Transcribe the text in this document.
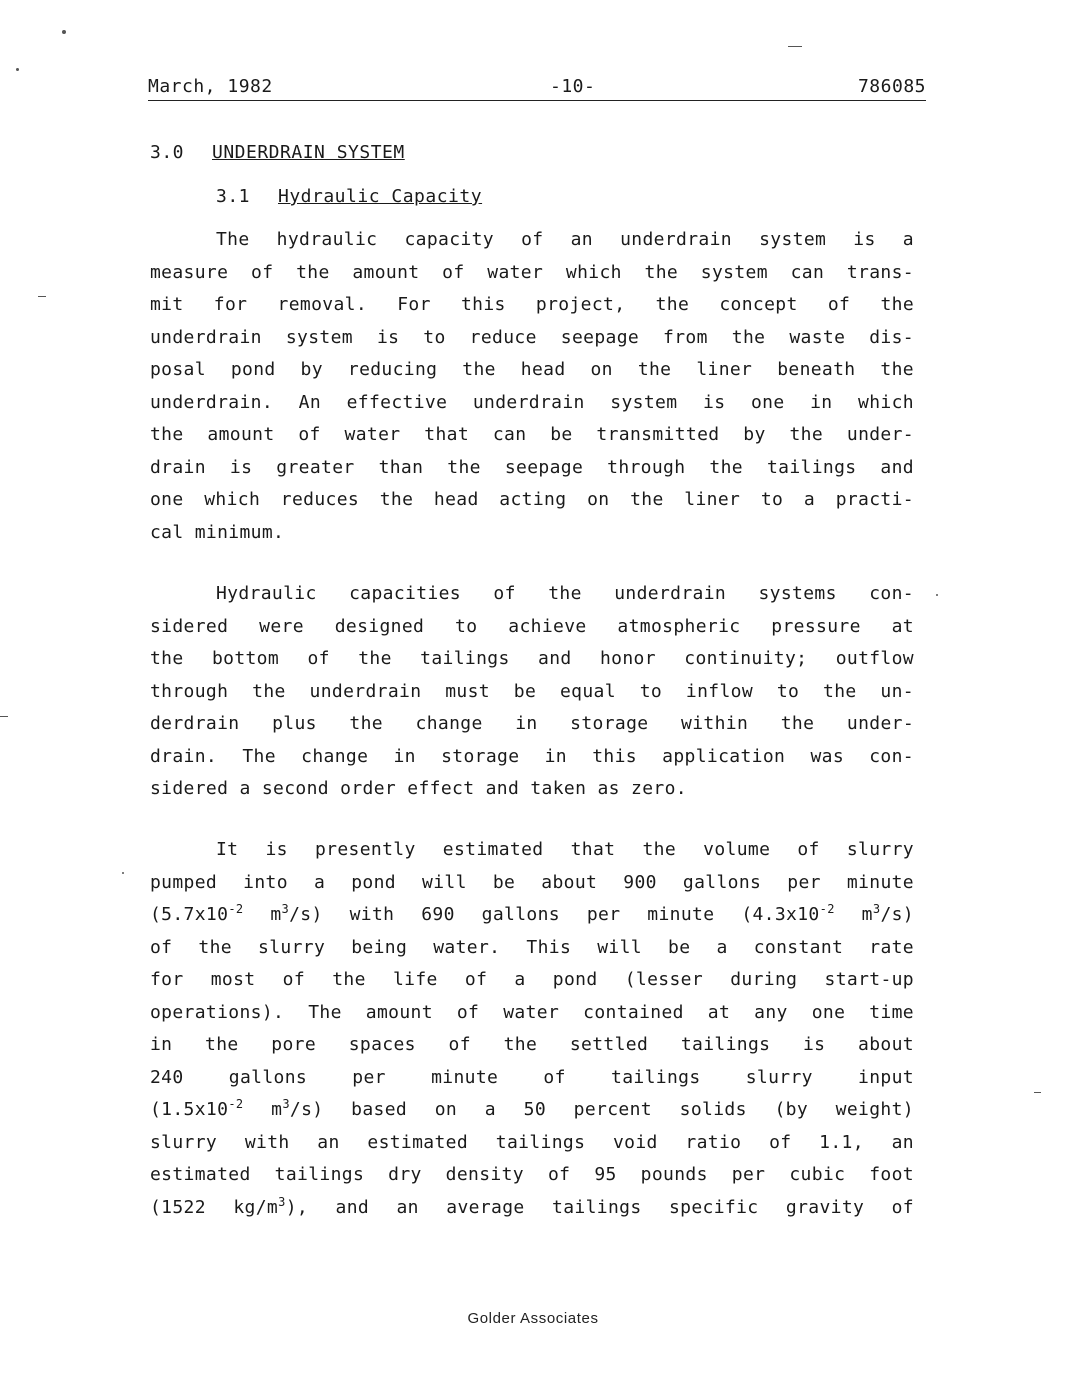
March, 1982	-10-	786085
3.0 UNDERDRAIN SYSTEM
3.1 Hydraulic Capacity
The hydraulic capacity of an underdrain system is a
measure of the amount of water which the system can trans-
mit for removal. For this project, the concept of the
underdrain system is to reduce seepage from the waste dis-
posal pond by reducing the head on the liner beneath the
underdrain. An effective underdrain system is one in which
the amount of water that can be transmitted by the under-
drain is greater than the seepage through the tailings and
one which reduces the head acting on the liner to a practi-
cal minimum.
Hydraulic capacities of the underdrain systems con-
sidered were designed to achieve atmospheric pressure at
the bottom of the tailings and honor continuity; outflow
through the underdrain must be equal to inflow to the un-
derdrain plus the change in storage within the under-
drain. The change in storage in this application was con-
sidered a second order effect and taken as zero.
It is presently estimated that the volume of slurry
pumped into a pond will be about 900 gallons per minute
($5.7x10^{-2}$ $m^3/s$) with 690 gallons per minute ($4.3x10^{-2}$ $m^3/s$)
of the slurry being water. This will be a constant rate
for most of the life of a pond (lesser during start-up
operations). The amount of water contained at any one time
in the pore spaces of the settled tailings is about
240 gallons per minute of tailings slurry input
($1.5x10^{-2}$ $m^3/s$) based on a 50 percent solids (by weight)
slurry with an estimated tailings void ratio of 1.1, an
estimated tailings dry density of 95 pounds per cubic foot
(1522 $kg/m^3$), and an average tailings specific gravity of
Golder Associates
